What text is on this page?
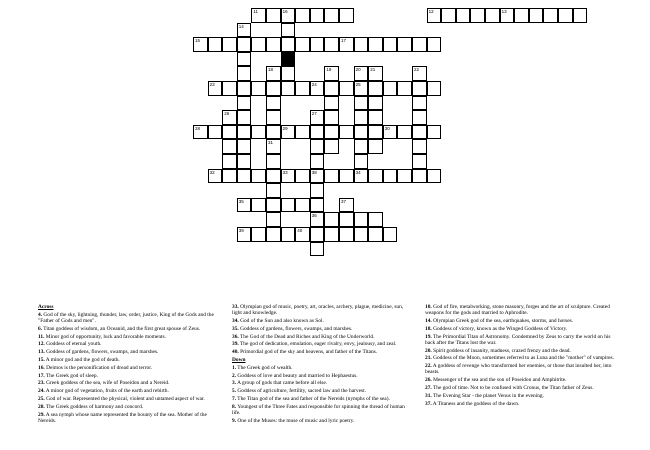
11	16	12	13
14
15	17
18
31
19	20
25
21	22
23	24
26	27
38
28	29	30
32	33	34
35
36
37
39	40
Across
4. God of the sky, lightning, thunder, law, order, justice, King of the Gods and the "Father of Gods and men".
6. Titan goddess of wisdom, an Oceanid, and the first great spouse of Zeus.
11. Minor god of opportunity, luck and favorable moments.
12. Goddess of eternal youth.
13. Goddess of gardens, flowers, swamps, and marshes.
15. A minor god and the god of death.
16. Deimos is the personification of dread and terror.
17. The Greek god of sleep.
23. Greek goddess of the sea, wife of Poseidon and a Nereid.
24. A minor god of vegetation, fruits of the earth and rebirth.
25. God of war. Represented the physical, violent and untamed aspect of war.
28. The Greek goddess of harmony and concord.
29. A sea nymph whose name represented the bounty of the sea. Mother of the Nereids.
33. Olympian god of music, poetry, art, oracles, archery, plague, medicine, sun, light and knowledge.
34. God of the Sun and also known as Sol.
35. Goddess of gardens, flowers, swamps, and marshes.
36. The God of the Dead and Riches and King of the Underworld.
39. The god of dedication, emulation, eager rivalry, envy, jealousy, and zeal.
40. Primordial god of the sky and heavens, and father of the Titans.
Down
1. The Greek god of wealth.
2. Goddess of love and beauty and married to Hephaestus.
3. A group of gods that came before all else.
5. Goddess of agriculture, fertility, sacred law and the harvest.
7. The Titan god of the sea and father of the Nereids (nymphs of the sea).
8. Youngest of the Three Fates and responsible for spinning the thread of human life.
9. One of the Muses: the muse of music and lyric poetry.
10. God of fire, metalworking, stone masonry, forges and the art of sculpture. Created weapons for the gods and married to Aphrodite.
14. Olympian Greek god of the sea, earthquakes, storms, and horses.
18. Goddess of victory, known as the Winged Goddess of Victory.
19. The Primordial Titan of Astronomy. Condemned by Zeus to carry the world on his back after the Titans lost the war.
20. Spirit goddess of insanity, madness, crazed frenzy and the dead.
21. Goddess of the Moon, sometimes referred to as Luna and the "mother" of vampires.
22. A goddess of revenge who transformed her enemies, or those that insulted her, into beasts.
26. Messenger of the sea and the son of Poseidon and Amphitrite.
27. The god of time. Not to be confused with Cronus, the Titan father of Zeus.
31. The Evening Star - the planet Venus in the evening.
37. A Titaness and the goddess of the dawn.
